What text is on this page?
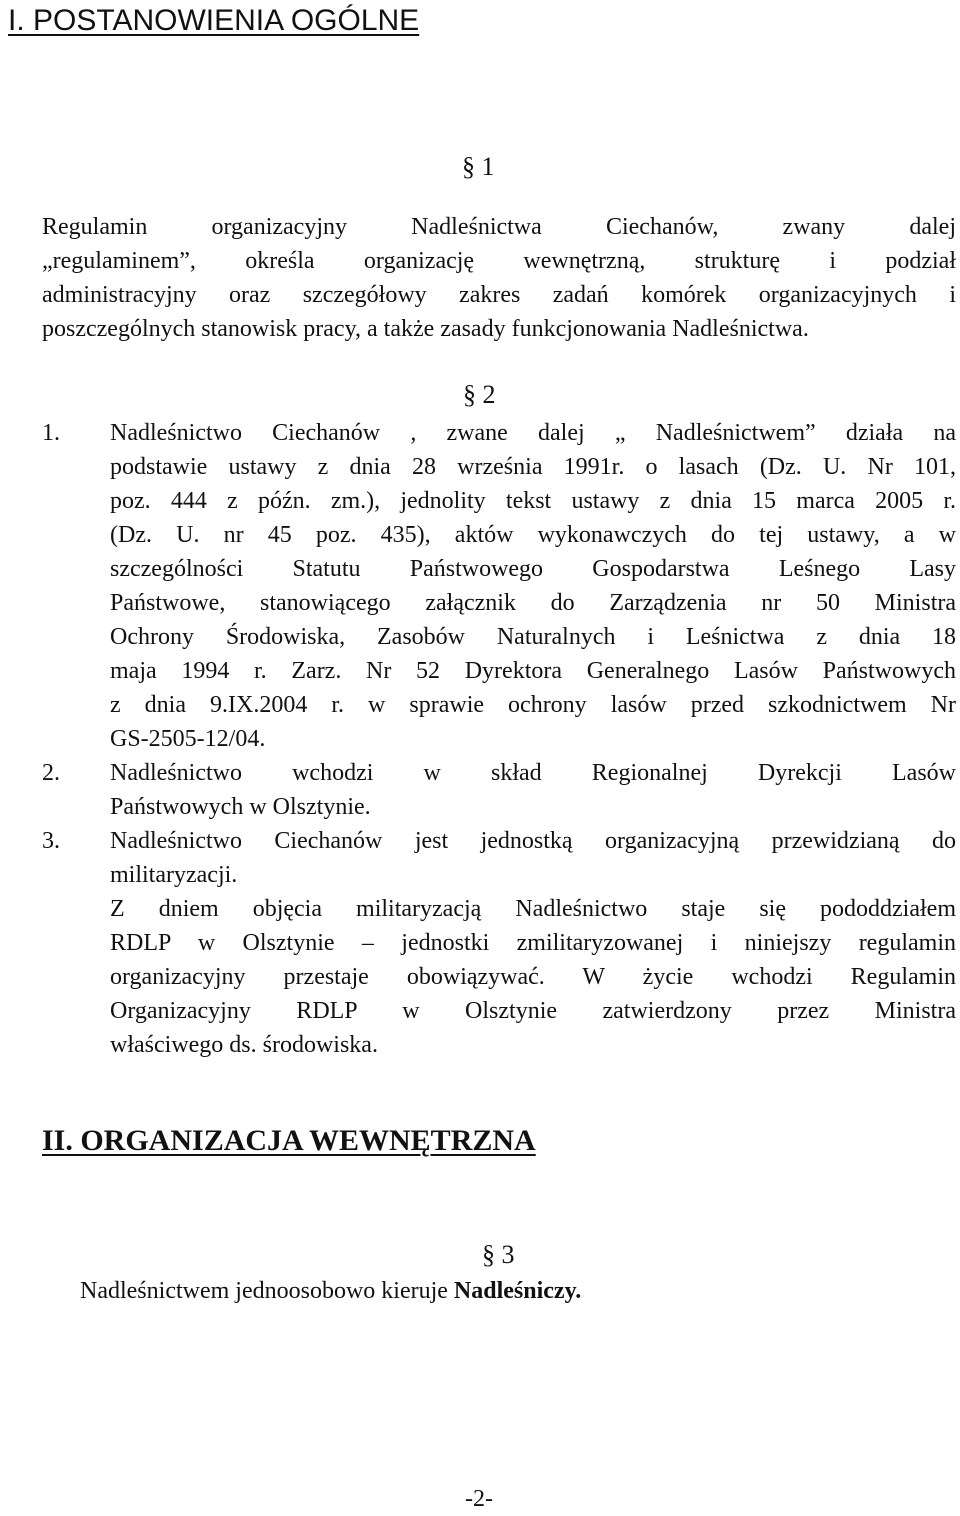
I. POSTANOWIENIA OGÓLNE
§ 1
Regulamin organizacyjny Nadleśnictwa Ciechanów, zwany dalej
„regulaminem”, określa organizację wewnętrzną, strukturę i podział
administracyjny oraz szczegółowy zakres zadań komórek organizacyjnych i
poszczególnych stanowisk pracy, a także zasady funkcjonowania Nadleśnictwa.
§ 2
1. Nadleśnictwo Ciechanów , zwane dalej „ Nadleśnictwem” działa na
podstawie ustawy z dnia 28 września 1991r. o lasach (Dz. U. Nr 101,
poz. 444 z późn. zm.), jednolity tekst ustawy z dnia 15 marca 2005 r.
(Dz. U. nr 45 poz. 435), aktów wykonawczych do tej ustawy, a w
szczególności Statutu Państwowego Gospodarstwa Leśnego Lasy
Państwowe, stanowiącego załącznik do Zarządzenia nr 50 Ministra
Ochrony Środowiska, Zasobów Naturalnych i Leśnictwa z dnia 18
maja 1994 r. Zarz. Nr 52 Dyrektora Generalnego Lasów Państwowych
z dnia 9.IX.2004 r. w sprawie ochrony lasów przed szkodnictwem Nr
GS-2505-12/04.
2. Nadleśnictwo wchodzi w skład Regionalnej Dyrekcji Lasów
Państwowych w Olsztynie.
3. Nadleśnictwo Ciechanów jest jednostką organizacyjną przewidzianą do
militaryzacji.
Z dniem objęcia militaryzacją Nadleśnictwo staje się pododdziałem
RDLP w Olsztynie – jednostki zmilitaryzowanej i niniejszy regulamin
organizacyjny przestaje obowiązywać. W życie wchodzi Regulamin
Organizacyjny RDLP w Olsztynie zatwierdzony przez Ministra
właściwego ds. środowiska.
II. ORGANIZACJA WEWNĘTRZNA
§ 3
Nadleśnictwem jednoosobowo kieruje Nadleśniczy.
-2-
